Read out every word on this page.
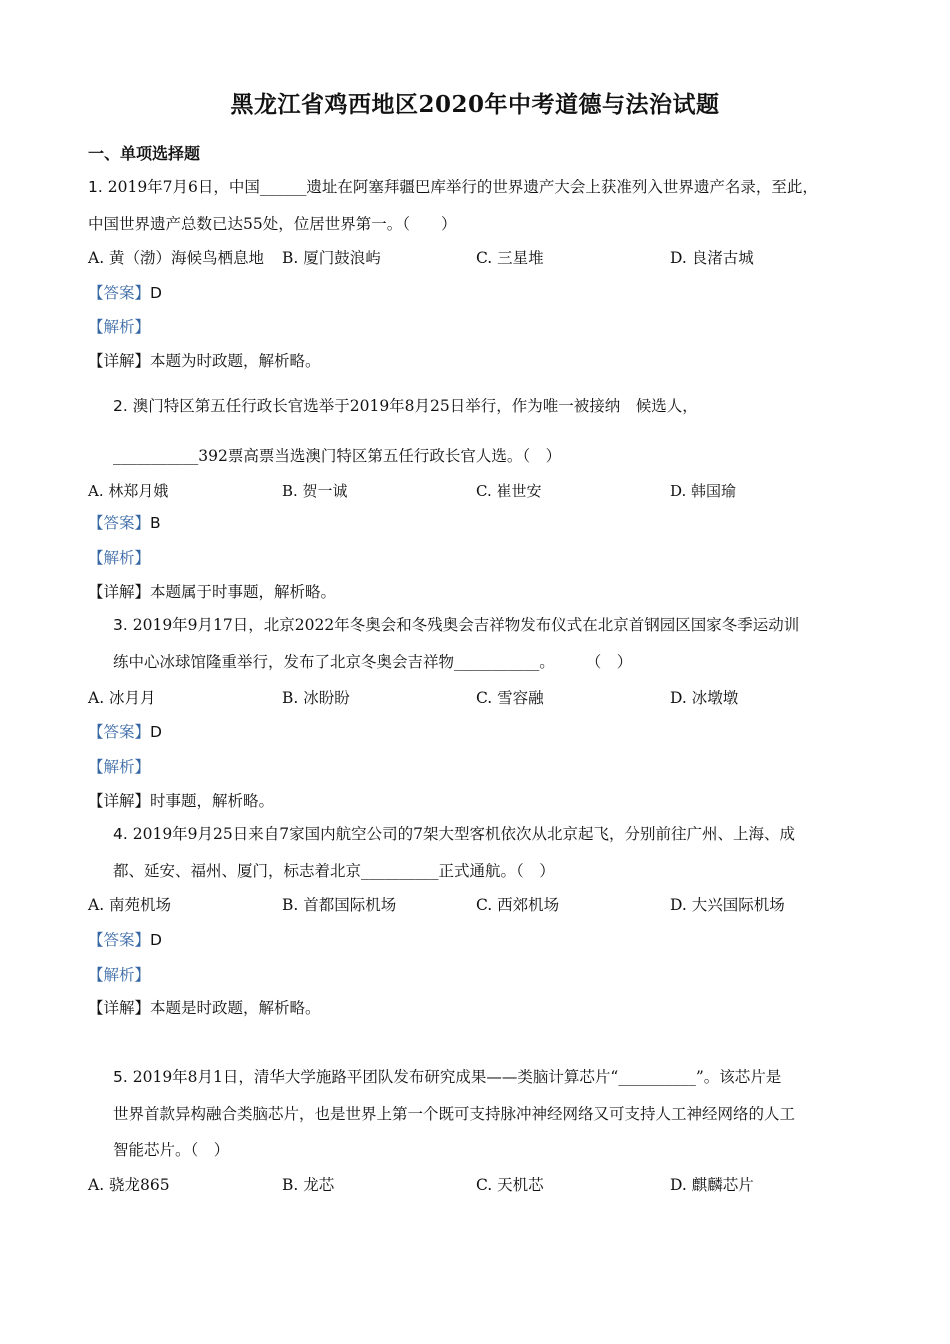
黑龙江省鸡西地区2020年中考道德与法治试题
一、单项选择题
1. 2019年7月6日，中国______遗址在阿塞拜疆巴库举行的世界遗产大会上获准列入世界遗产名录，至此，
中国世界遗产总数已达55处，位居世界第一。（　　）
A. 黄（渤）海候鸟栖息地 B. 厦门鼓浪屿	C. 三星堆	D. 良渚古城
【答案】D
【解析】
【详解】本题为时政题，解析略。
2. 澳门特区第五任行政长官选举于2019年8月25日举行，作为唯一被接纳　候选人，
___________392票高票当选澳门特区第五任行政长官人选。（　）
A. 林郑月娥	B. 贺一诚	C. 崔世安	D. 韩国瑜
【答案】B
【解析】
【详解】本题属于时事题，解析略。
3. 2019年9月17日，北京2022年冬奥会和冬残奥会吉祥物发布仪式在北京首钢园区国家冬季运动训
练中心冰球馆隆重举行，发布了北京冬奥会吉祥物___________。　　　（　）
A. 冰月月	B. 冰盼盼	C. 雪容融	D. 冰墩墩
【答案】D
【解析】
【详解】时事题，解析略。
4. 2019年9月25日来自7家国内航空公司的7架大型客机依次从北京起飞，分别前往广州、上海、成
都、延安、福州、厦门，标志着北京__________正式通航。（　）
A. 南苑机场	B. 首都国际机场	C. 西郊机场	D. 大兴国际机场
【答案】D
【解析】
【详解】本题是时政题，解析略。
5. 2019年8月1日，清华大学施路平团队发布研究成果——类脑计算芯片“__________”。该芯片是
世界首款异构融合类脑芯片，也是世界上第一个既可支持脉冲神经网络又可支持人工神经网络的人工
智能芯片。（　）
A. 骁龙865	B. 龙芯	C. 天机芯	D. 麒麟芯片
